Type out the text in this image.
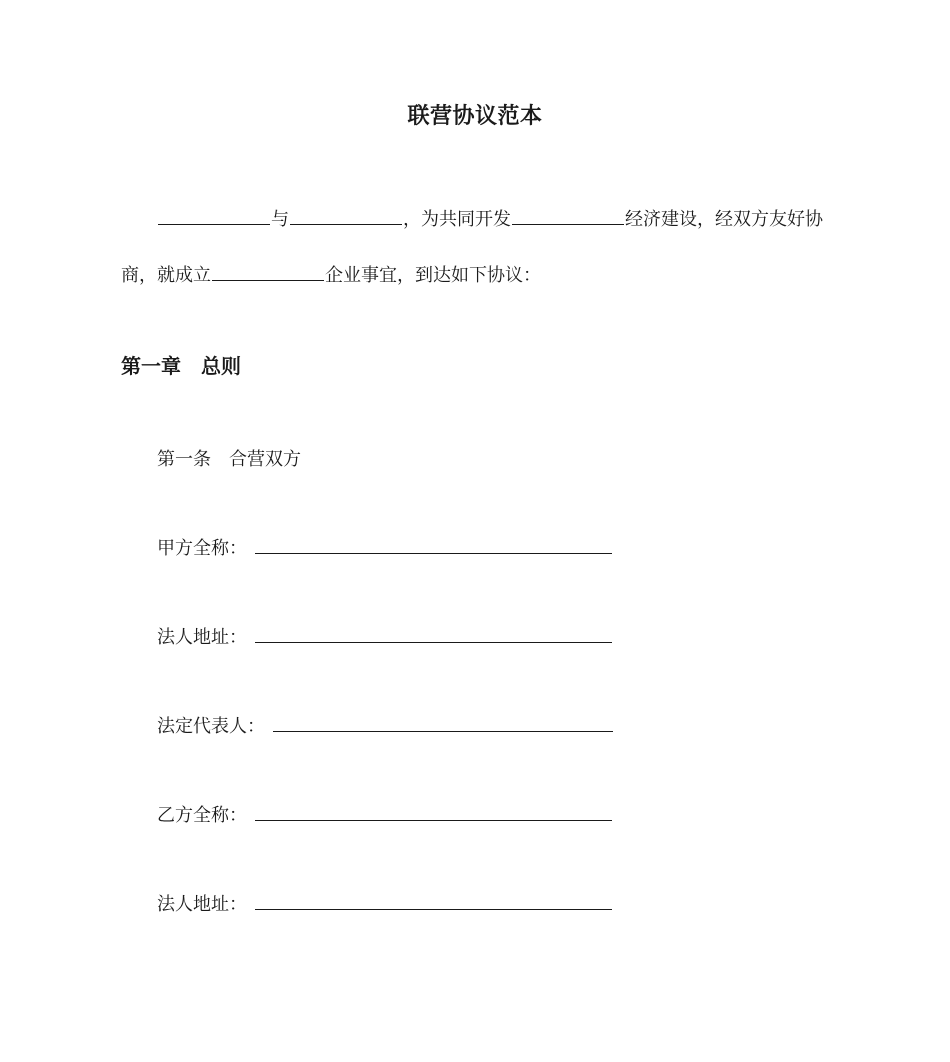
联营协议范本

与	，为共同开发	经济建设，经双方友好协

商，就成立	企业事宜，到达如下协议：

第一章　总则

第一条　合营双方

甲方全称：

法人地址：

法定代表人：

乙方全称：

法人地址：
